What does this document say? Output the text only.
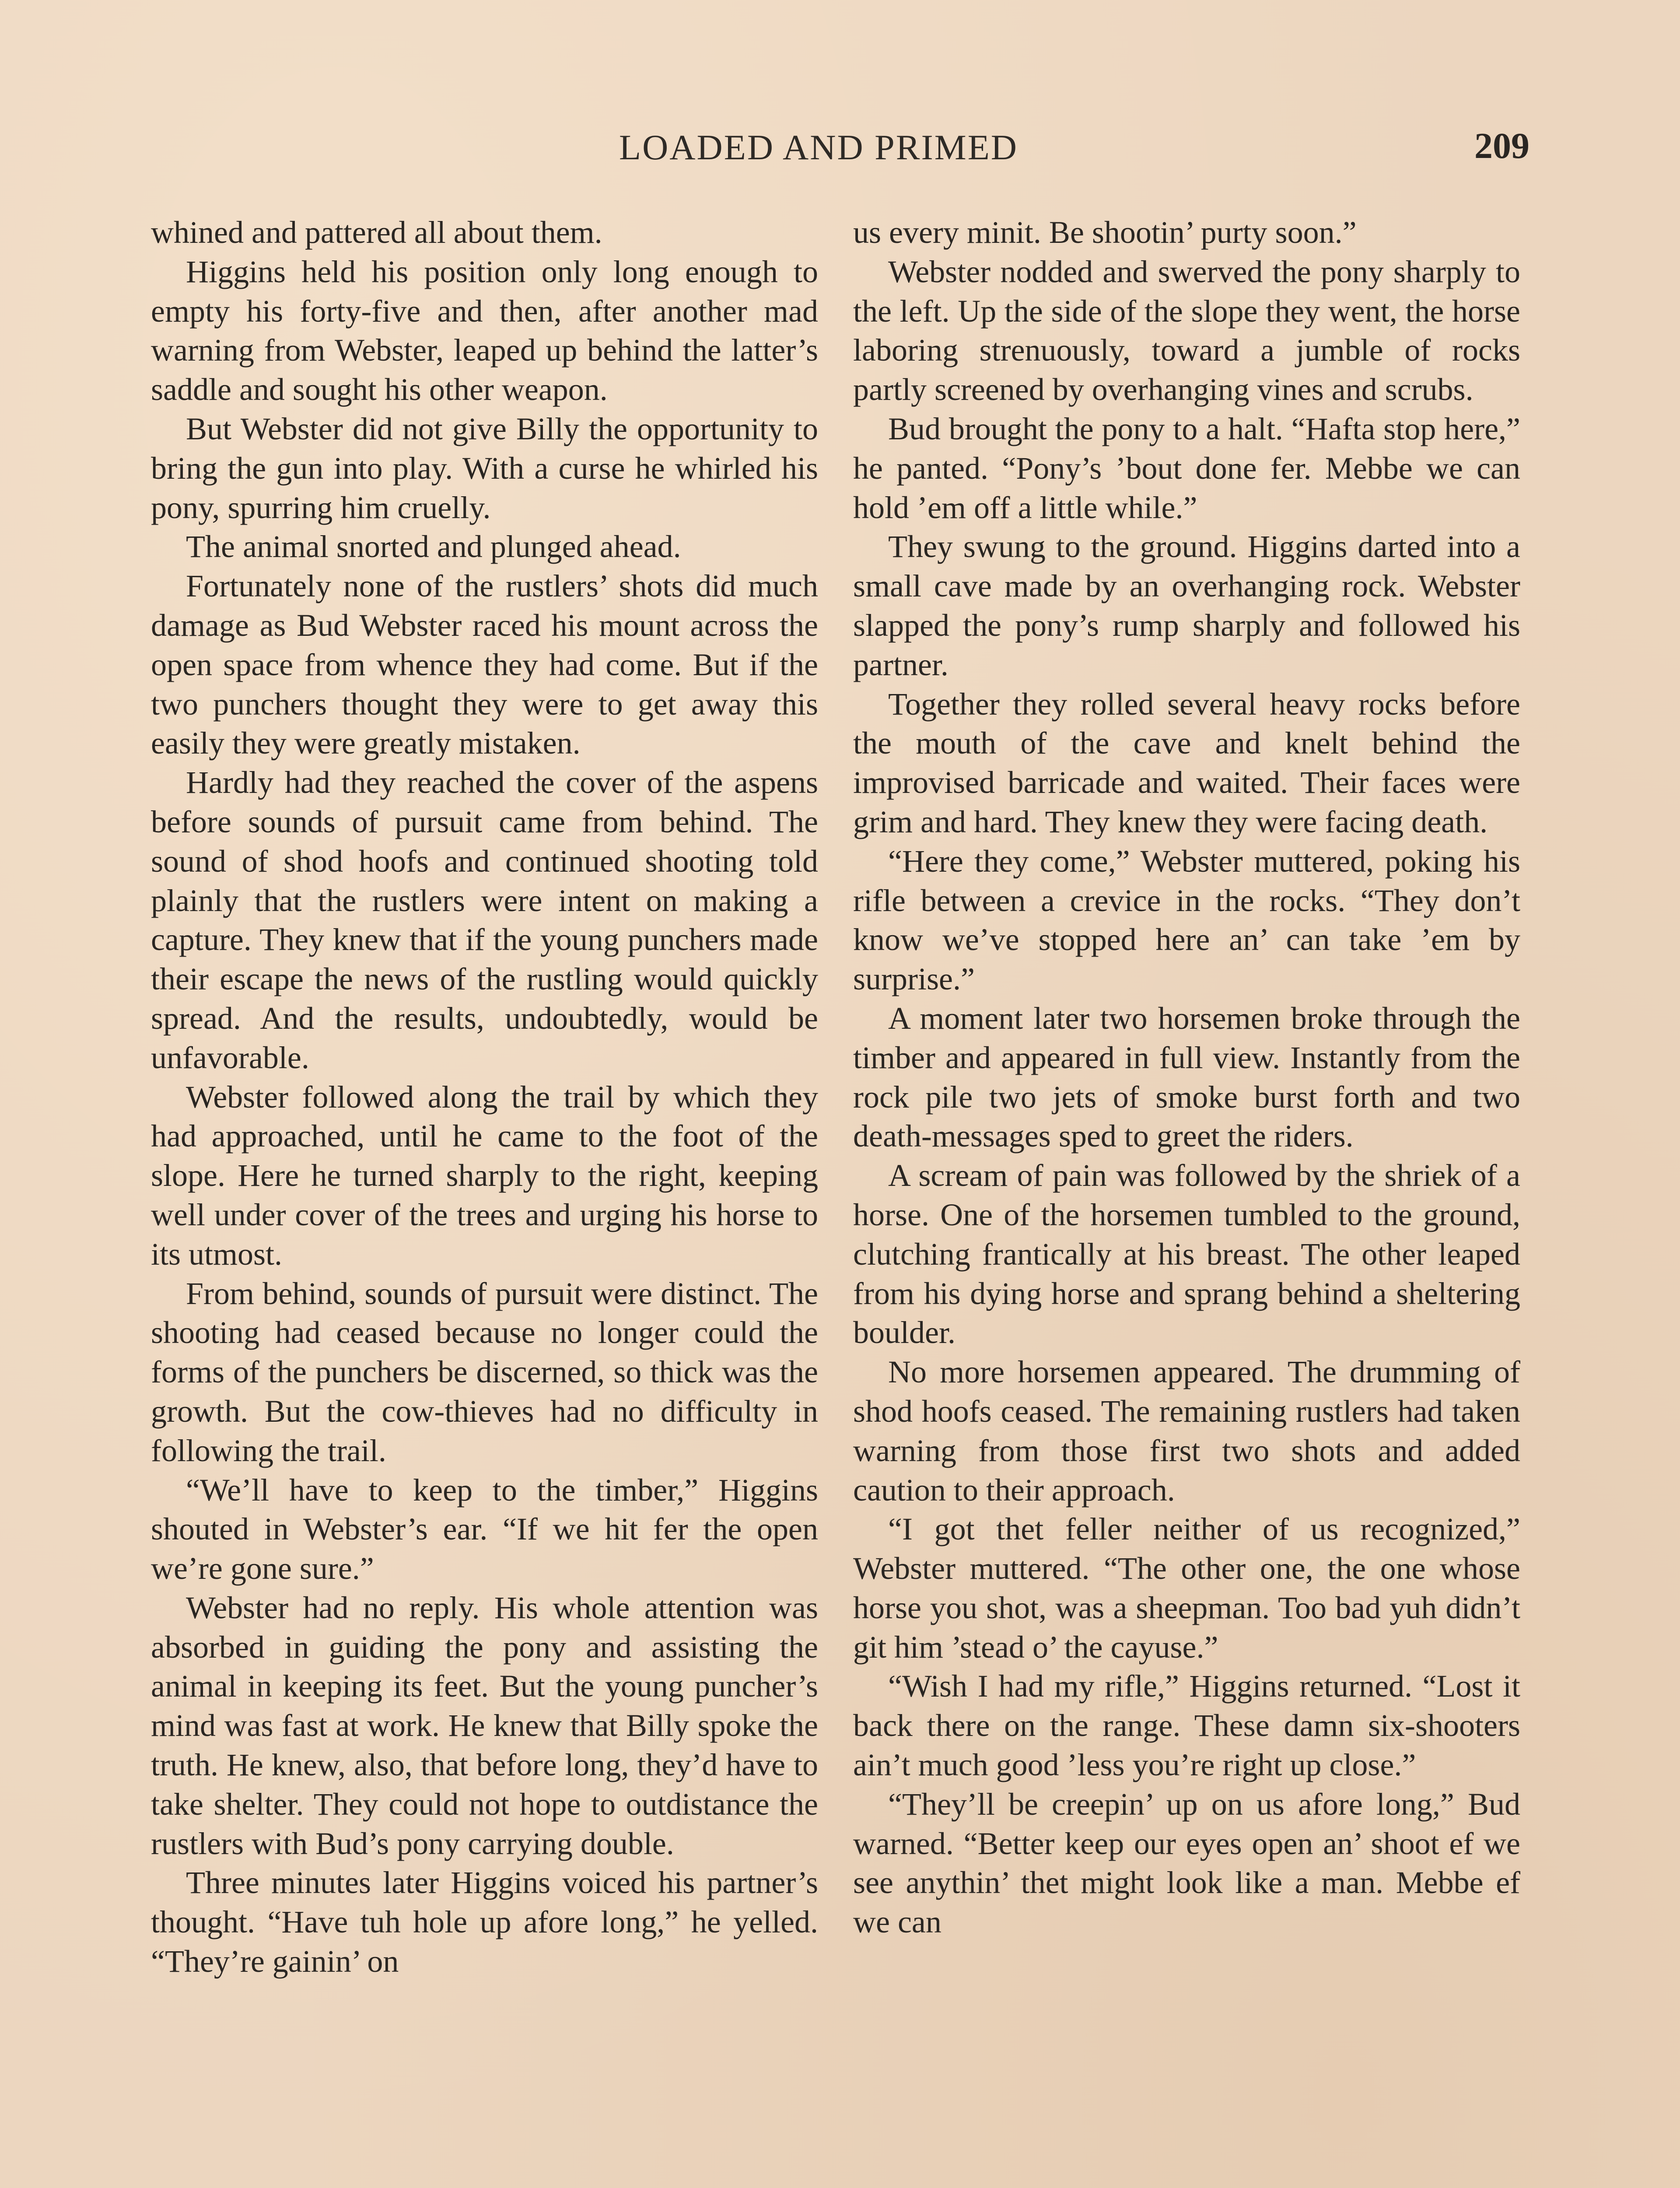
LOADED AND PRIMED	209

whined and pattered all about them.

Higgins held his position only long enough to empty his forty-five and then, after another mad warning from Webster, leaped up behind the latter’s saddle and sought his other weapon.

But Webster did not give Billy the opportunity to bring the gun into play. With a curse he whirled his pony, spurring him cruelly.

The animal snorted and plunged ahead.

Fortunately none of the rustlers’ shots did much damage as Bud Webster raced his mount across the open space from whence they had come. But if the two punchers thought they were to get away this easily they were greatly mistaken.

Hardly had they reached the cover of the aspens before sounds of pursuit came from behind. The sound of shod hoofs and continued shooting told plainly that the rustlers were intent on making a capture. They knew that if the young punchers made their escape the news of the rustling would quickly spread. And the results, undoubtedly, would be unfavorable.

Webster followed along the trail by which they had approached, until he came to the foot of the slope. Here he turned sharply to the right, keeping well under cover of the trees and urging his horse to its utmost.

From behind, sounds of pursuit were distinct. The shooting had ceased because no longer could the forms of the punchers be discerned, so thick was the growth. But the cow-thieves had no difficulty in following the trail.

“We’ll have to keep to the timber,” Higgins shouted in Webster’s ear. “If we hit fer the open we’re gone sure.”

Webster had no reply. His whole attention was absorbed in guiding the pony and assisting the animal in keeping its feet. But the young puncher’s mind was fast at work. He knew that Billy spoke the truth. He knew, also, that before long, they’d have to take shelter. They could not hope to outdistance the rustlers with Bud’s pony carrying double.

Three minutes later Higgins voiced his partner’s thought. “Have tuh hole up afore long,” he yelled. “They’re gainin’ on

us every minit. Be shootin’ purty soon.”

Webster nodded and swerved the pony sharply to the left. Up the side of the slope they went, the horse laboring strenuously, toward a jumble of rocks partly screened by overhanging vines and scrubs.

Bud brought the pony to a halt. “Hafta stop here,” he panted. “Pony’s ’bout done fer. Mebbe we can hold ’em off a little while.”

They swung to the ground. Higgins darted into a small cave made by an overhanging rock. Webster slapped the pony’s rump sharply and followed his partner.

Together they rolled several heavy rocks before the mouth of the cave and knelt behind the improvised barricade and waited. Their faces were grim and hard. They knew they were facing death.

“Here they come,” Webster muttered, poking his rifle between a crevice in the rocks. “They don’t know we’ve stopped here an’ can take ’em by surprise.”

A moment later two horsemen broke through the timber and appeared in full view. Instantly from the rock pile two jets of smoke burst forth and two death-messages sped to greet the riders.

A scream of pain was followed by the shriek of a horse. One of the horsemen tumbled to the ground, clutching frantically at his breast. The other leaped from his dying horse and sprang behind a sheltering boulder.

No more horsemen appeared. The drumming of shod hoofs ceased. The remaining rustlers had taken warning from those first two shots and added caution to their approach.

“I got thet feller neither of us recognized,” Webster muttered. “The other one, the one whose horse you shot, was a sheepman. Too bad yuh didn’t git him ’stead o’ the cayuse.”

“Wish I had my rifle,” Higgins returned. “Lost it back there on the range. These damn six-shooters ain’t much good ’less you’re right up close.”

“They’ll be creepin’ up on us afore long,” Bud warned. “Better keep our eyes open an’ shoot ef we see anythin’ thet might look like a man. Mebbe ef we can
